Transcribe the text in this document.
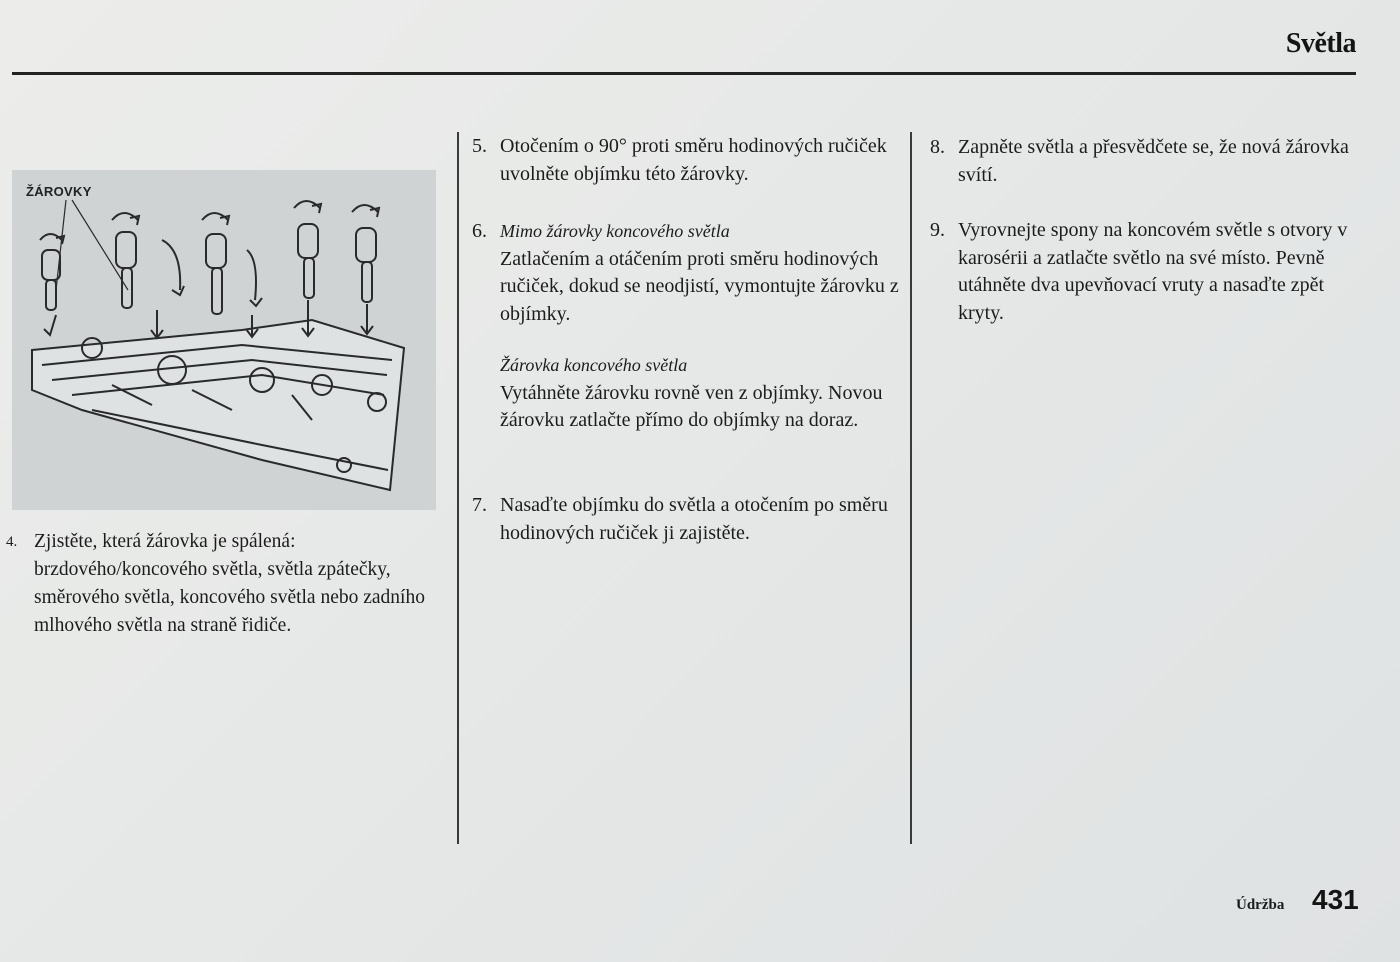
Světla
ŽÁROVKY
4. Zjistěte, která žárovka je spálená: brzdového/koncového světla, světla zpátečky, směrového světla, koncového světla nebo zadního mlhového světla na straně řidiče.
5. Otočením o 90° proti směru hodinových ručiček uvolněte objímku této žárovky.
6. Mimo žárovky koncového světla
Zatlačením a otáčením proti směru hodinových ručiček, dokud se neodjistí, vymontujte žárovku z objímky.
Žárovka koncového světla
Vytáhněte žárovku rovně ven z objímky. Novou žárovku zatlačte přímo do objímky na doraz.
7. Nasaďte objímku do světla a otočením po směru hodinových ručiček ji zajistěte.
8. Zapněte světla a přesvědčete se, že nová žárovka svítí.
9. Vyrovnejte spony na koncovém světle s otvory v karosérii a zatlačte světlo na své místo. Pevně utáhněte dva upevňovací vruty a nasaďte zpět kryty.
Údržba 431
